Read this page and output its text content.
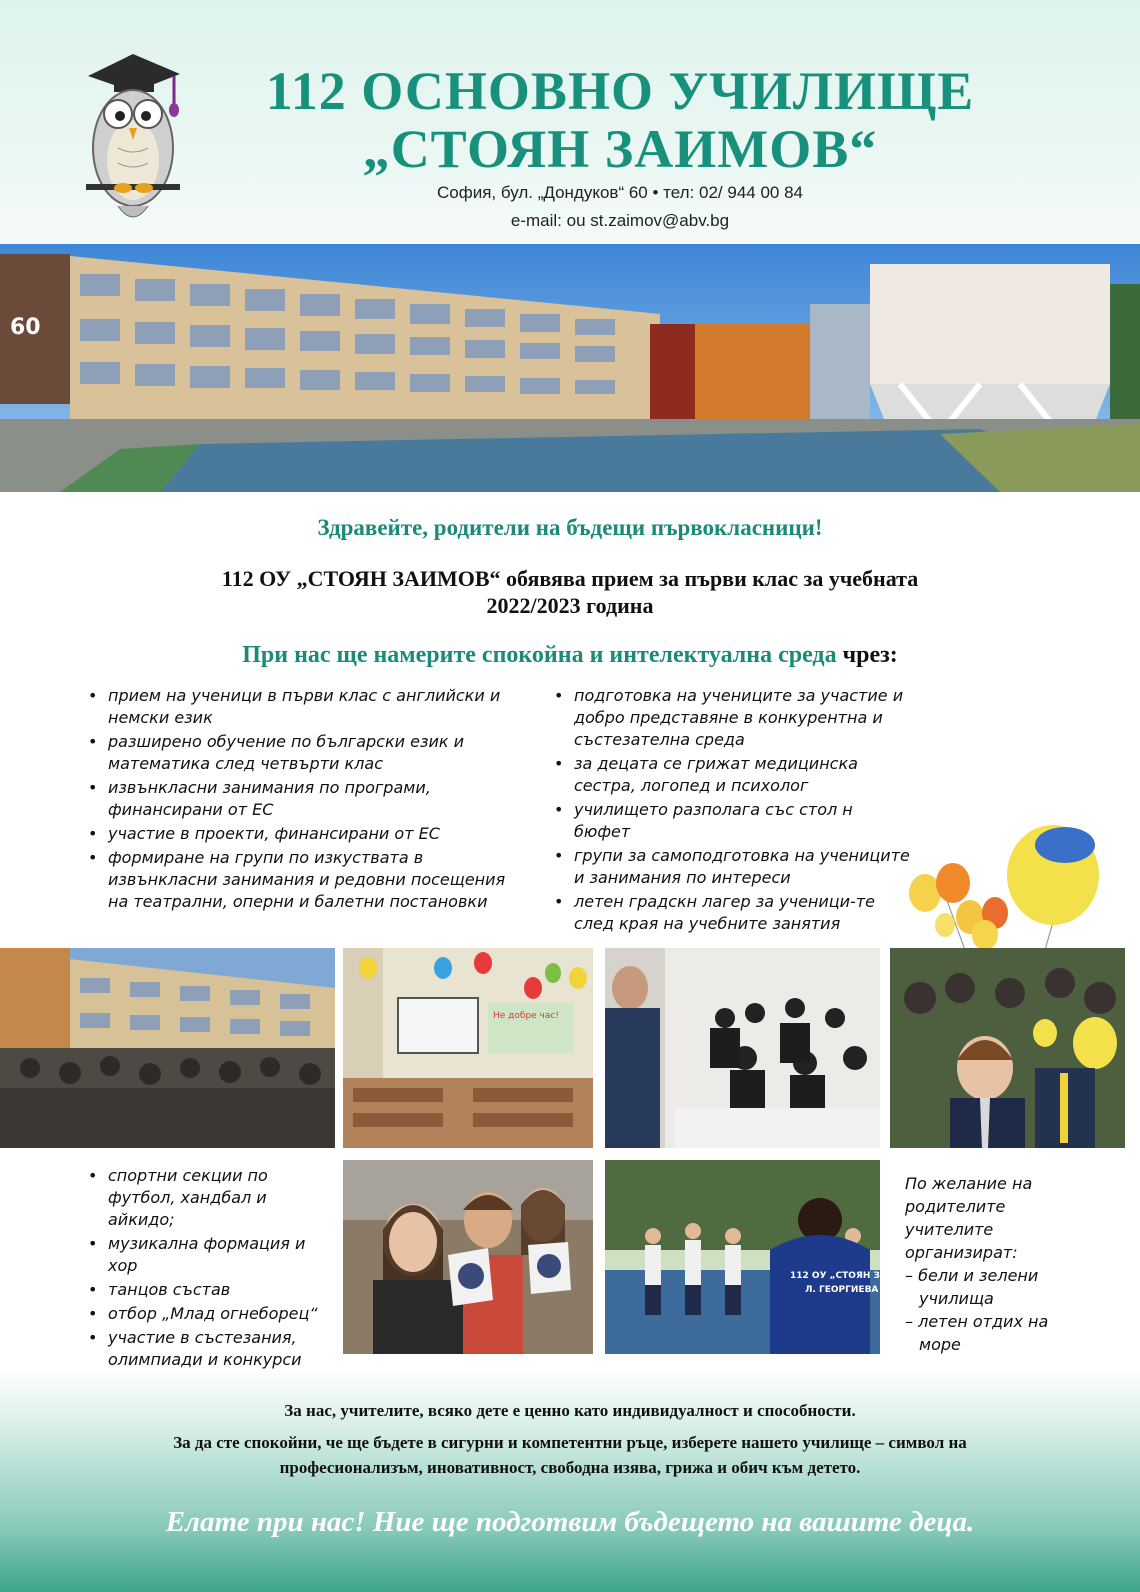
112 ОСНОВНО УЧИЛИЩЕ
„СТОЯН ЗАИМОВ“
София, бул. „Дондуков“ 60 • тел: 02/ 944 00 84
e-mail: ou st.zaimov@abv.bg
60
Здравейте, родители на бъдещи първокласници!
112 ОУ „СТОЯН ЗАИМОВ“ обявява прием за първи клас за учебната
2022/2023 година
При нас ще намерите спокойна и интелектуална среда чрез:
• прием на ученици в първи клас с английски и немски език
• разширено обучение по български език и математика след четвърти клас
• извънкласни занимания по програми, финансирани от ЕС
• участие в проекти, финансирани от ЕС
• формиране на групи по изкуствата в извънкласни занимания и редовни посещения на театрални, оперни и балетни постановки
• подготовка на учениците за участие и добро представяне в конкурентна и състезателна среда
• за децата се грижат медицинска сестра, логопед и психолог
• училището разполага със стол н бюфет
• групи за самоподготовка на учениците и занимания по интереси
• летен градскн лагер за ученици-те след края на учебните занятия
Не добре час!
• спортни секции по футбол, хандбал и айкидо;
• музикална формация и хор
• танцов състав
• отбор „Млад огнеборец“
• участие в състезания, олимпиади и конкурси
112 ОУ „СТОЯН ЗАИМОВ“
Л. ГЕОРГИЕВА
По желание на
родителите
учителите
организират:
– бели и зелени
училища
– летен отдих на
море
За нас, учителите, всяко дете е ценно като индивидуалност и способности.
За да сте спокойни, че ще бъдете в сигурни и компетентни ръце, изберете нашето училище – символ на
професионализъм, иновативност, свободна изява, грижа и обич към детето.
Елате при нас! Ние ще подготвим бъдещето на вашите деца.
